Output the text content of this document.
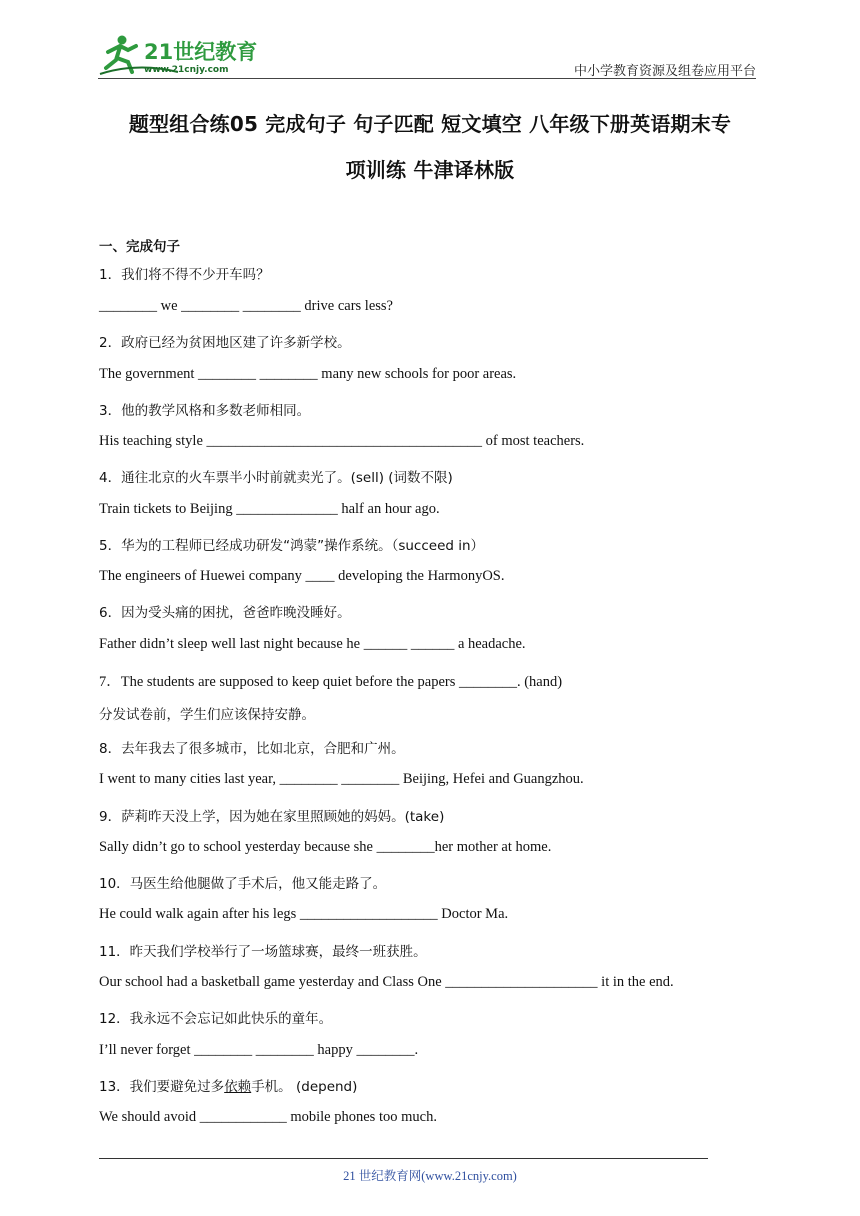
21世纪教育
www.21cnjy.com	中小学教育资源及组卷应用平台
题型组合练05 完成句子 句子匹配 短文填空 八年级下册英语期末专
项训练 牛津译林版
一、完成句子
1．我们将不得不少开车吗？
________ we ________ ________ drive cars less?
2．政府已经为贫困地区建了许多新学校。
The government ________ ________ many new schools for poor areas.
3．他的教学风格和多数老师相同。
His teaching style ______________________________________ of most teachers.
4．通往北京的火车票半小时前就卖光了。(sell) (词数不限)
Train tickets to Beijing ______________ half an hour ago.
5．华为的工程师已经成功研发“鸿蒙”操作系统。（succeed in）
The engineers of Huewei company ____ developing the HarmonyOS.
6．因为受头痛的困扰，爸爸昨晚没睡好。
Father didn’t sleep well last night because he ______ ______ a headache.
7．The students are supposed to keep quiet before the papers ________. (hand)
分发试卷前，学生们应该保持安静。
8．去年我去了很多城市，比如北京，合肥和广州。
I went to many cities last year, ________ ________ Beijing, Hefei and Guangzhou.
9．萨莉昨天没上学，因为她在家里照顾她的妈妈。(take)
Sally didn’t go to school yesterday because she ________her mother at home.
10．马医生给他腿做了手术后，他又能走路了。
He could walk again after his legs ___________________ Doctor Ma.
11．昨天我们学校举行了一场篮球赛，最终一班获胜。
Our school had a basketball game yesterday and Class One _____________________ it in the end.
12．我永远不会忘记如此快乐的童年。
I’ll never forget ________ ________ happy ________.
13．我们要避免过多依赖手机。 (depend)
We should avoid ____________ mobile phones too much.
21 世纪教育网(www.21cnjy.com)
